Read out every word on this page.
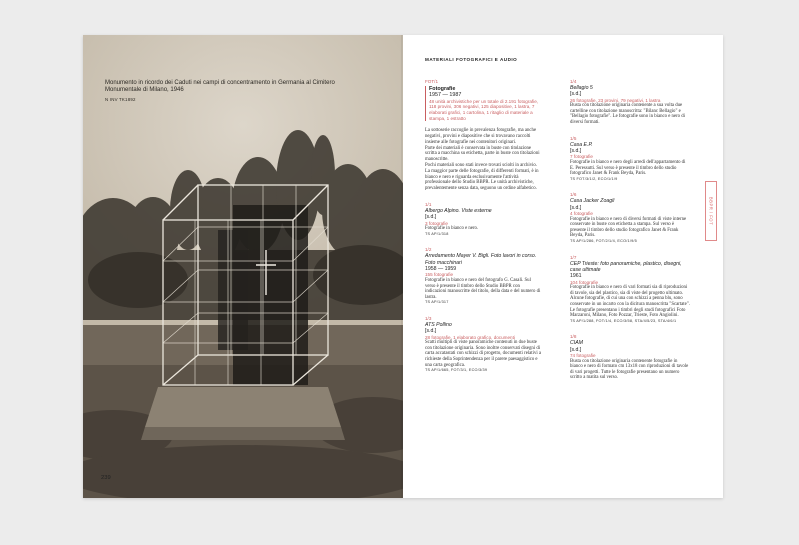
Monumento in ricordo dei Caduti nei campi di concentramento in Germania al Cimitero Monumentale di Milano, 1946
N INV TK1892
239
MATERIALI FOTOGRAFICI E AUDIO
BBPR / FOT
FOT/1
Fotografie
1957 — 1987
48 unità archivistiche per un totale di 2.191 fotografie, 118 provini, 306 negativi, 125 diapositive, 1 lastra, 7 elaborati grafici, 1 cartolina, 1 ritaglio di materiale a stampa, 1 estratto

La sottoserie raccoglie in prevalenza fotografie, ma anche negativi, provini e diapositive che si trovavano raccolti insieme alle fotografie nei contenitori originari.

Parte dei materiali è conservata in buste con titolazione scritta a macchina su etichetta, parte in buste con titolazioni manoscritte.

Pochi materiali sono stati invece trovati sciolti in archivio.

La maggior parte delle fotografie, di differenti formati, è in bianco e nero e riguarda esclusivamente l'attività professionale dello Studio BBPR. Le unità archivistiche, prevalentemente senza data, seguono un ordine alfabetico.

1/1
Albergo Alpino. Viste esterne
[s.d.]
3 fotografie
Fotografie in bianco e nero.
TS AP/1/318
1/2
Arredamento Mayer V. Bigli. Foto lavori in corso. Foto macchinari
1958 — 1959
155 fotografie
Fotografie in bianco e nero del fotografo G. Casali. Sul verso è presente il timbro dello Studio BBPR con indicazioni manoscritte del titolo, della data e del numero di lastra.
TS AP/1/317
1/3
ATS Pollino
[s.d.]
28 fotografie, 1 elaborato grafico, documenti
Scatti multipli di viste panoramiche contenuti in due buste con titolazione originaria. Sono inoltre conservati disegni di carta accatastati con schizzi di progetto, documenti relativi a richieste della Soprintendenza per il parere paesaggistico e una carta geografica.
TS AP/1/665, FOT/3/1, ECO/3/39
1/4
Bellagio 5
[s.d.]
26 fotografie, 23 provini, 79 negativi, 1 lastra
Busta con titolazione originaria contenente a sua volta due cartelline con titolazione manoscritta: "Bilanc Bellagio" e "Bellagio fotografie". Le fotografie sono in bianco e nero di diversi formati.
1/5
Casa E.P.
[s.d.]
7 fotografie
Fotografie in bianco e nero degli arredi dell'appartamento di E. Peressutti. Sul verso è presente il timbro dello studio fotografico Janet & Frank Beyda, Paris.
TS FOT/3/1/2, ECO/1/1/9
1/6
Casa Jacker Zoagli
[s.d.]
4 fotografie
Fotografie in bianco e nero di diversi formati di viste interne conservate in buste con etichetta a stampa. Sul verso è presente il timbro dello studio fotografico Janet & Frank Beyda, Paris.
TS AP/1/286, FOT/2/1/4, ECO/1/9/5
1/7
CEP Trieste: foto panoramiche, plastico, disegni, case ultimate
1961
104 fotografie
Fotografie in bianco e nero di vari formati sia di riproduzioni di tavole, sia del plastico, sia di viste del progetto ultimato. Alcune fotografie, di cui una con schizzi a penna blu, sono conservate in un incarto con la dicitura manoscritta "Scartate". Le fotografie presentano i timbri degli studi fotografici Foto Marzaroni, Milano, Foto Pozzar, Trieste, Foto Angiolini.
TS AP/1/288, FOT/1/4, ECO/3/58, STA/4/5/23, STA/4/6/1
1/8
CIAM
[s.d.]
74 fotografie
Busta con titolazione originaria contenente fotografie in bianco e nero di formato cm 13x18 con riproduzioni di tavole di vari progetti. Tutte le fotografie presentano un numero scritto a matita sul verso.
